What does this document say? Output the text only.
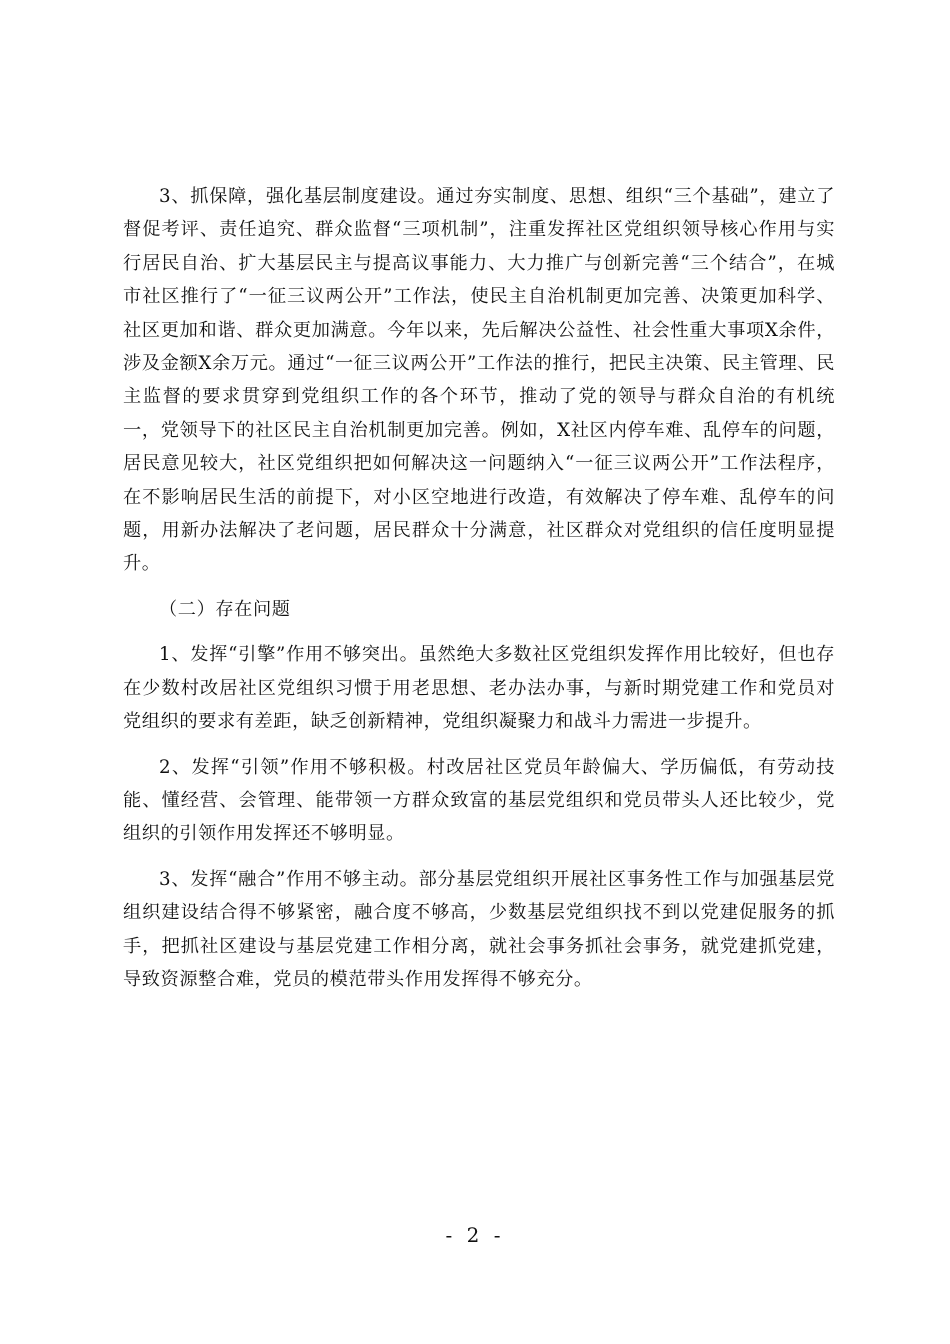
3、抓保障，强化基层制度建设。通过夯实制度、思想、组织“三个基础”，建立了督促考评、责任追究、群众监督“三项机制”，注重发挥社区党组织领导核心作用与实行居民自治、扩大基层民主与提高议事能力、大力推广与创新完善“三个结合”，在城市社区推行了“一征三议两公开”工作法，使民主自治机制更加完善、决策更加科学、社区更加和谐、群众更加满意。今年以来，先后解决公益性、社会性重大事项X余件，涉及金额X余万元。通过“一征三议两公开”工作法的推行，把民主决策、民主管理、民主监督的要求贯穿到党组织工作的各个环节，推动了党的领导与群众自治的有机统一，党领导下的社区民主自治机制更加完善。例如，X社区内停车难、乱停车的问题，居民意见较大，社区党组织把如何解决这一问题纳入“一征三议两公开”工作法程序，在不影响居民生活的前提下，对小区空地进行改造，有效解决了停车难、乱停车的问题，用新办法解决了老问题，居民群众十分满意，社区群众对党组织的信任度明显提升。

（二）存在问题

1、发挥“引擎”作用不够突出。虽然绝大多数社区党组织发挥作用比较好，但也存在少数村改居社区党组织习惯于用老思想、老办法办事，与新时期党建工作和党员对党组织的要求有差距，缺乏创新精神，党组织凝聚力和战斗力需进一步提升。

2、发挥“引领”作用不够积极。村改居社区党员年龄偏大、学历偏低，有劳动技能、懂经营、会管理、能带领一方群众致富的基层党组织和党员带头人还比较少，党组织的引领作用发挥还不够明显。

3、发挥“融合”作用不够主动。部分基层党组织开展社区事务性工作与加强基层党组织建设结合得不够紧密，融合度不够高，少数基层党组织找不到以党建促服务的抓手，把抓社区建设与基层党建工作相分离，就社会事务抓社会事务，就党建抓党建，导致资源整合难，党员的模范带头作用发挥得不够充分。

- 2 -
